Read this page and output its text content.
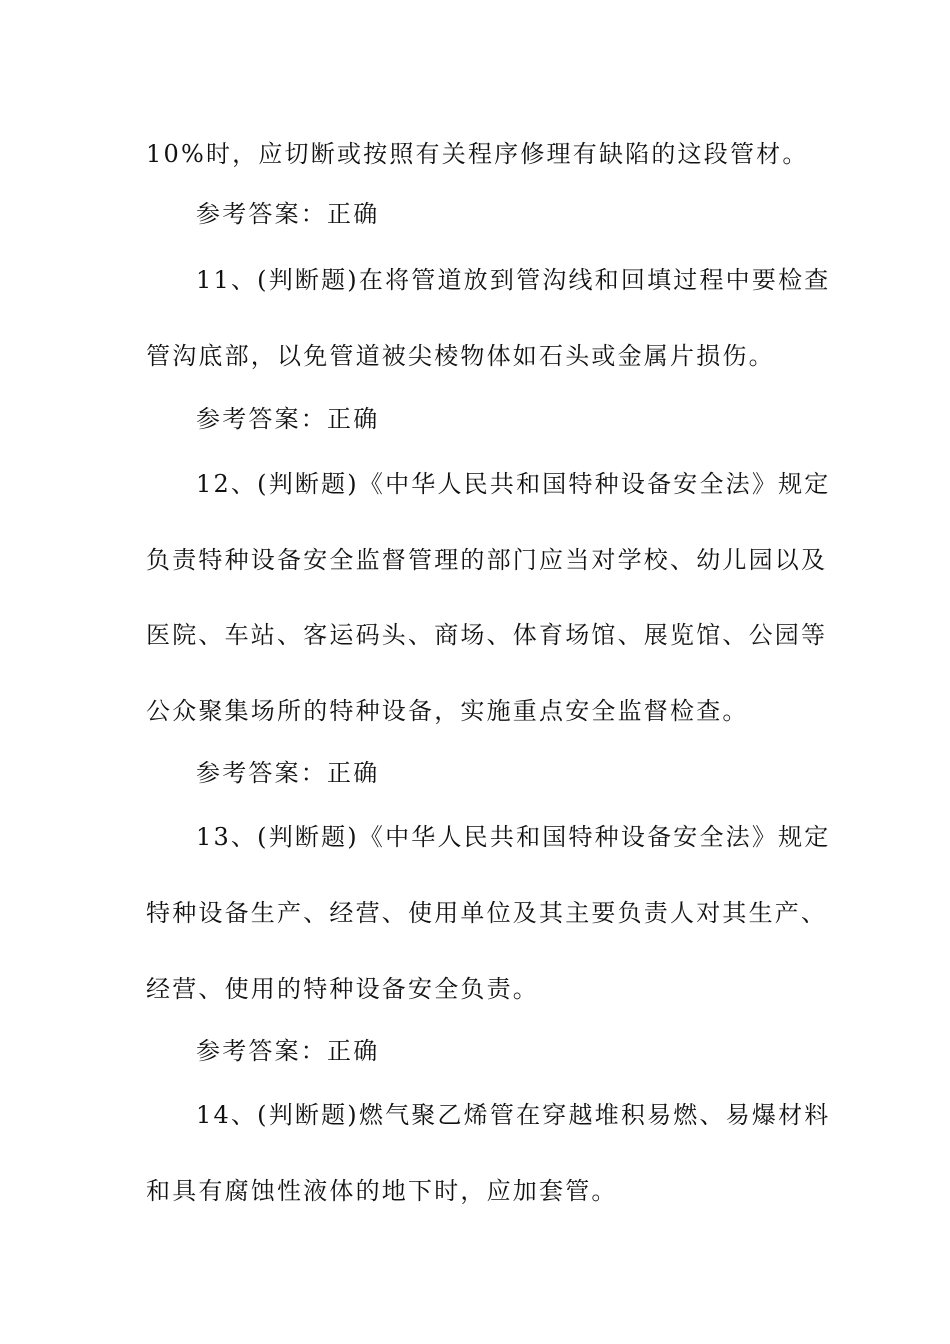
10%时，应切断或按照有关程序修理有缺陷的这段管材。
参考答案：正确
11、(判断题)在将管道放到管沟线和回填过程中要检查
管沟底部，以免管道被尖棱物体如石头或金属片损伤。
参考答案：正确
12、(判断题)《中华人民共和国特种设备安全法》规定
负责特种设备安全监督管理的部门应当对学校、幼儿园以及
医院、车站、客运码头、商场、体育场馆、展览馆、公园等
公众聚集场所的特种设备，实施重点安全监督检查。
参考答案：正确
13、(判断题)《中华人民共和国特种设备安全法》规定
特种设备生产、经营、使用单位及其主要负责人对其生产、
经营、使用的特种设备安全负责。
参考答案：正确
14、(判断题)燃气聚乙烯管在穿越堆积易燃、易爆材料
和具有腐蚀性液体的地下时，应加套管。
